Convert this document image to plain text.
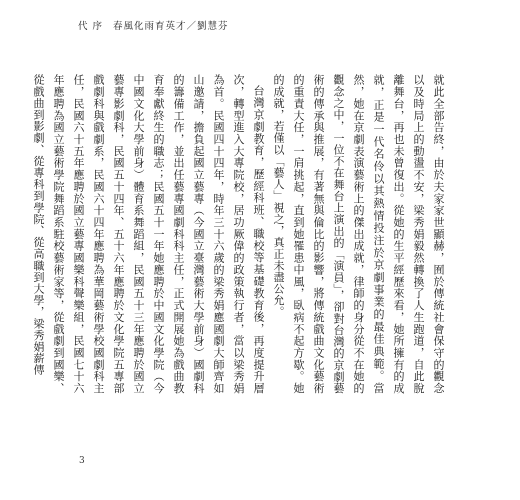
代 序 春風化雨育英才／劉慧芬

就此全部告終，由於夫家家世顯赫，囿於傳統社會保守的觀念以及時局上的動盪不安，梁秀娟毅然轉換了人生跑道，自此脫離舞台，再也未曾復出。從她的生平經歷來看，她所擁有的成就，正是一代名伶以其熱情投注於京劇事業的最佳典範。當然，她在京劇表演藝術上的傑出成就，律師的身分從不在她的觀念之中，一位不在舞台上演出的「演員」，卻對台灣的京劇藝術的傳承與推展，有著無與倫比的影響，將傳統戲曲文化藝術的重責大任，一肩挑起，直到她罹患中風，臥病不起方歇。她的成就，若僅以「藝人」視之，真正未盡公允。

台灣京劇教育，歷經科班、職校等基礎教育後，再度提升層次，轉型進入大專院校，居功厥偉的政策執行者，當以梁秀娟為首。民國四十四年，時年三十六歲的梁秀娟應國劇大師齊如山邀請，擔負起國立藝專（今國立臺灣藝術大學前身）國劇科的籌備工作，並出任藝專國劇科科主任，正式開展她為戲曲教育奉獻終生的職志；民國五十一年她應聘於中國文化學院（今中國文化大學前身）體育系舞蹈組，民國五十三年應聘於國立藝專影劇科，民國五十四年、五十六年應聘於文化學院五專部戲劇科與戲劇系，民國六十四年應聘為華岡藝術學校國劇科主任，民國六十五年應聘於國立藝專國樂科聲樂組，民國七十六年應聘為國立藝術學院舞蹈系駐校藝術家等，從戲劇到國樂、從戲曲到影劇、從專科到學院、從高職到大學，梁秀娟薪傳

3
